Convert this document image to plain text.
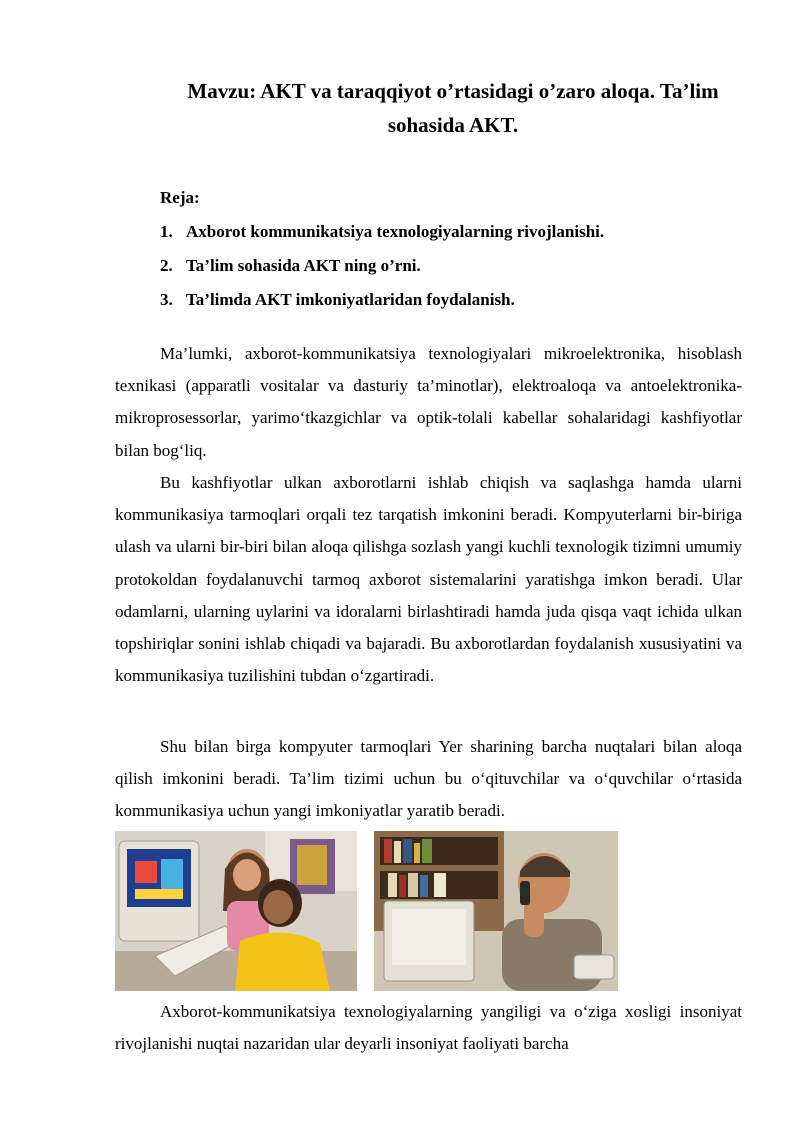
Mavzu: AKT va taraqqiyot o’rtasidagi o’zaro aloqa. Ta’lim sohasida AKT.
Reja:
1. Axborot kommunikatsiya texnologiyalarning rivojlanishi.
2. Ta’lim sohasida AKT ning o’rni.
3. Ta’limda AKT imkoniyatlaridan foydalanish.

Ma’lumki, axborot-kommunikatsiya texnologiyalari mikroelektronika, hisoblash texnikasi (apparatli vositalar va dasturiy ta’minotlar), elektroaloqa va antoelektronika-mikroprosessorlar, yarimo‘tkazgichlar va optik-tolali kabellar sohalaridagi kashfiyotlar bilan bog‘liq.

Bu kashfiyotlar ulkan axborotlarni ishlab chiqish va saqlashga hamda ularni kommunikasiya tarmoqlari orqali tez tarqatish imkonini beradi. Kompyuterlarni bir-biriga ulash va ularni bir-biri bilan aloqa qilishga sozlash yangi kuchli texnologik tizimni umumiy protokoldan foydalanuvchi tarmoq axborot sistemalarini yaratishga imkon beradi. Ular odamlarni, ularning uylarini va idoralarni birlashtiradi hamda juda qisqa vaqt ichida ulkan topshiriqlar sonini ishlab chiqadi va bajaradi. Bu axborotlardan foydalanish xususiyatini va kommunikasiya tuzilishini tubdan o‘zgartiradi.

Shu bilan birga kompyuter tarmoqlari Yer sharining barcha nuqtalari bilan aloqa qilish imkonini beradi. Ta’lim tizimi uchun bu o‘qituvchilar va o‘quvchilar o‘rtasida kommunikasiya uchun yangi imkoniyatlar yaratib beradi.

Axborot-kommunikatsiya texnologiyalarning yangiligi va o‘ziga xosligi insoniyat rivojlanishi nuqtai nazaridan ular deyarli insoniyat faoliyati barcha
